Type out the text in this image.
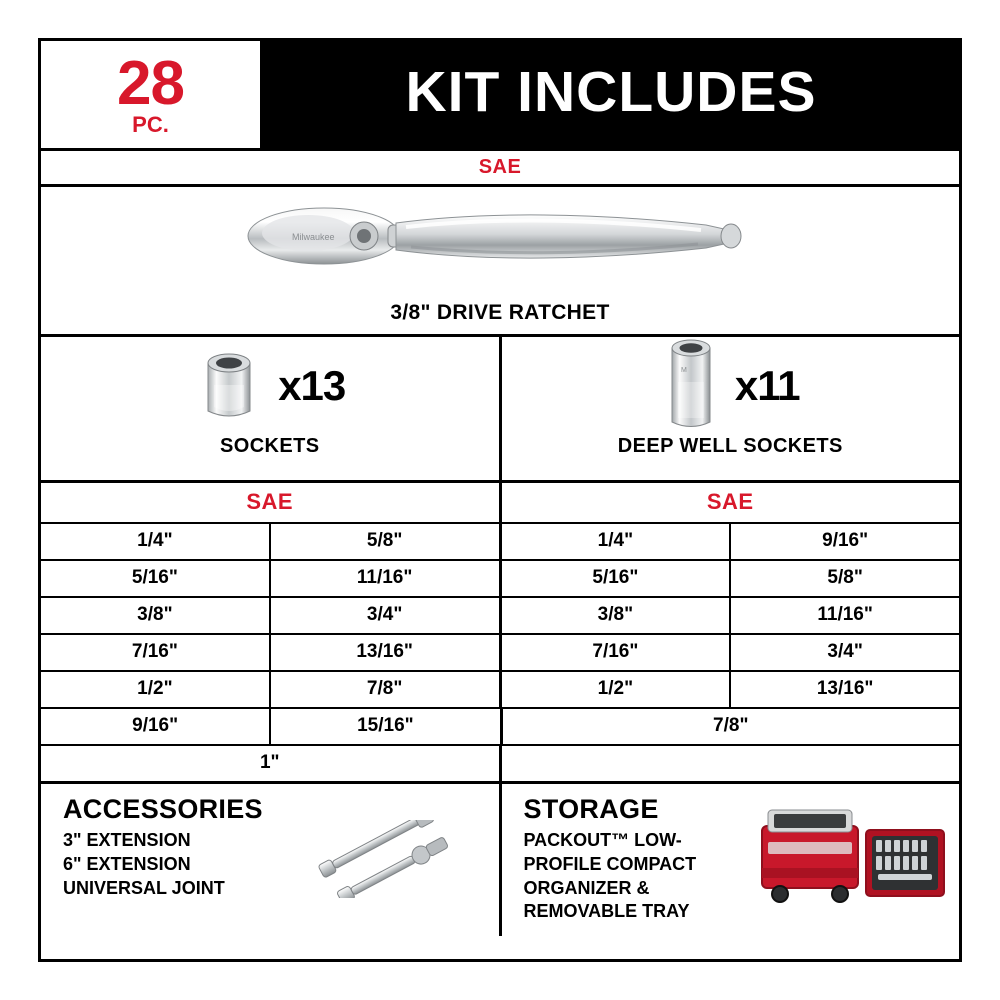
28
PC.
KIT INCLUDES
SAE
Milwaukee
3/8" DRIVE RATCHET
x13
SOCKETS
M x11
DEEP WELL SOCKETS
SAE	SAE
1/4"	5/8"	1/4"	9/16"
5/16"	11/16"	5/16"	5/8"
3/8"	3/4"	3/8"	11/16"
7/16"	13/16"	7/16"	3/4"
1/2"	7/8"	1/2"	13/16"
9/16"	15/16"	7/8"
1"
ACCESSORIES
3" EXTENSION
6" EXTENSION
UNIVERSAL JOINT
STORAGE
PACKOUT™ LOW-
PROFILE COMPACT
ORGANIZER &
REMOVABLE TRAY
